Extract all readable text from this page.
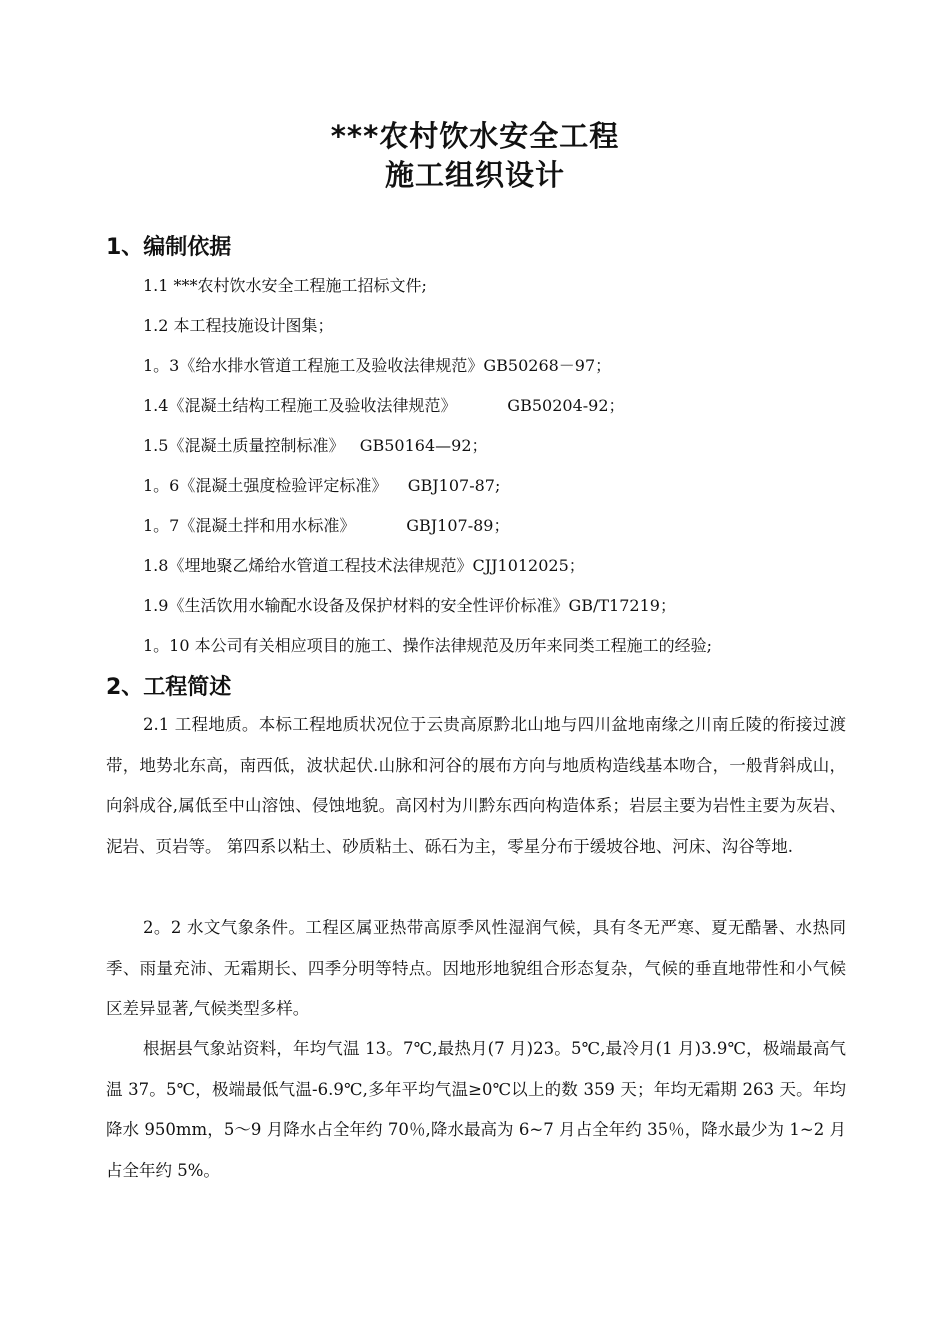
***农村饮水安全工程
施工组织设计
1、编制依据
1.1 ***农村饮水安全工程施工招标文件;
1.2 本工程技施设计图集；
1。3《给水排水管道工程施工及验收法律规范》GB50268－97；
1.4《混凝土结构工程施工及验收法律规范》          GB50204-92；
1.5《混凝土质量控制标准》   GB50164—92；
1。6《混凝土强度检验评定标准》    GBJ107-87;
1。7《混凝土拌和用水标准》          GBJ107-89；
1.8《埋地聚乙烯给水管道工程技术法律规范》CJJ1012025；
1.9《生活饮用水输配水设备及保护材料的安全性评价标准》GB/T17219；
1。10 本公司有关相应项目的施工、操作法律规范及历年来同类工程施工的经验;
2、工程简述

2.1 工程地质。本标工程地质状况位于云贵高原黔北山地与四川盆地南缘之川南丘陵的衔接过渡带，地势北东高，南西低，波状起伏.山脉和河谷的展布方向与地质构造线基本吻合，一般背斜成山，向斜成谷,属低至中山溶蚀、侵蚀地貌。高冈村为川黔东西向构造体系；岩层主要为岩性主要为灰岩、泥岩、页岩等。 第四系以粘土、砂质粘土、砾石为主，零星分布于缓坡谷地、河床、沟谷等地.

2。2 水文气象条件。工程区属亚热带高原季风性湿润气候，具有冬无严寒、夏无酷暑、水热同季、雨量充沛、无霜期长、四季分明等特点。因地形地貌组合形态复杂，气候的垂直地带性和小气候区差异显著,气候类型多样。

根据县气象站资料，年均气温 13。7℃,最热月(7 月)23。5℃,最冷月(1 月)3.9℃，极端最高气温 37。5℃，极端最低气温-6.9℃,多年平均气温≥0℃以上的数 359 天；年均无霜期 263 天。年均降水 950mm，5～9 月降水占全年约 70％,降水最高为 6~7 月占全年约 35％，降水最少为 1~2 月占全年约 5%。
